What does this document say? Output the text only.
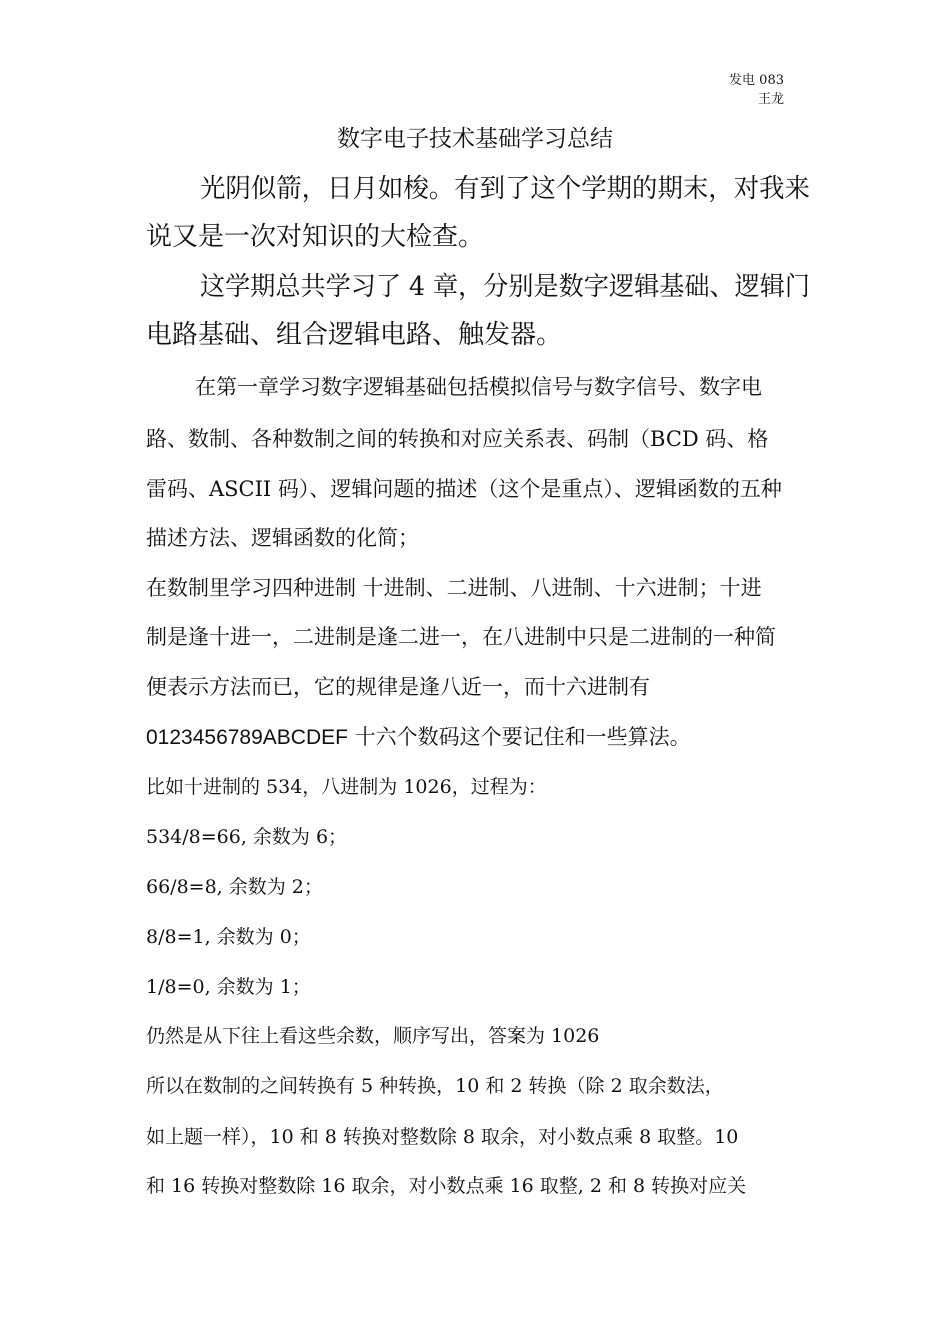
发电 083
王龙
数字电子技术基础学习总结
光阴似箭，日月如梭。有到了这个学期的期末，对我来
说又是一次对知识的大检查。
这学期总共学习了 4 章，分别是数字逻辑基础、逻辑门
电路基础、组合逻辑电路、触发器。
在第一章学习数字逻辑基础包括模拟信号与数字信号、数字电
路、数制、各种数制之间的转换和对应关系表、码制（BCD 码、格
雷码、ASCII 码）、逻辑问题的描述（这个是重点）、逻辑函数的五种
描述方法、逻辑函数的化简；
在数制里学习四种进制 十进制、二进制、八进制、十六进制；十进
制是逢十进一，二进制是逢二进一，在八进制中只是二进制的一种简
便表示方法而已，它的规律是逢八近一，而十六进制有
0123456789ABCDEF 十六个数码这个要记住和一些算法。
比如十进制的 534，八进制为 1026，过程为：
534/8=66, 余数为 6；
66/8=8, 余数为 2；
8/8=1, 余数为 0；
1/8=0, 余数为 1；
仍然是从下往上看这些余数，顺序写出，答案为 1026
所以在数制的之间转换有 5 种转换，10 和 2 转换（除 2 取余数法，
如上题一样），10 和 8 转换对整数除 8 取余，对小数点乘 8 取整。10
和 16 转换对整数除 16 取余，对小数点乘 16 取整, 2 和 8 转换对应关
